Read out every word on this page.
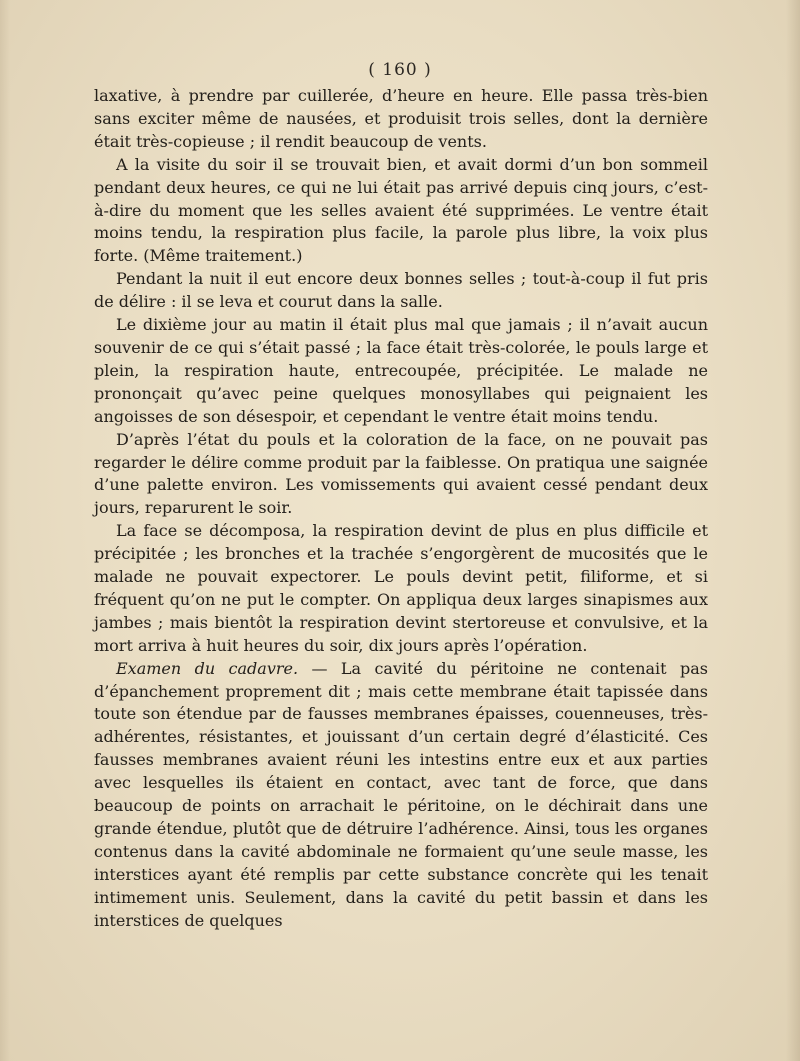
( 160 )

laxative, à prendre par cuillerée, d’heure en heure. Elle passa très-bien sans exciter même de nausées, et produisit trois selles, dont la dernière était très-copieuse ; il rendit beaucoup de vents.

A la visite du soir il se trouvait bien, et avait dormi d’un bon sommeil pendant deux heures, ce qui ne lui était pas arrivé depuis cinq jours, c’est-à-dire du moment que les selles avaient été supprimées. Le ventre était moins tendu, la respiration plus facile, la parole plus libre, la voix plus forte. (Même traitement.)

Pendant la nuit il eut encore deux bonnes selles ; tout-à-coup il fut pris de délire : il se leva et courut dans la salle.

Le dixième jour au matin il était plus mal que jamais ; il n’avait aucun souvenir de ce qui s’était passé ; la face était très-colorée, le pouls large et plein, la respiration haute, entrecoupée, précipitée. Le malade ne prononçait qu’avec peine quelques monosyllabes qui peignaient les angoisses de son désespoir, et cependant le ventre était moins tendu.

D’après l’état du pouls et la coloration de la face, on ne pouvait pas regarder le délire comme produit par la faiblesse. On pratiqua une saignée d’une palette environ. Les vomissements qui avaient cessé pendant deux jours, reparurent le soir.

La face se décomposa, la respiration devint de plus en plus difficile et précipitée ; les bronches et la trachée s’engorgèrent de mucosités que le malade ne pouvait expectorer. Le pouls devint petit, filiforme, et si fréquent qu’on ne put le compter. On appliqua deux larges sinapismes aux jambes ; mais bientôt la respiration devint stertoreuse et convulsive, et la mort arriva à huit heures du soir, dix jours après l’opération.

Examen du cadavre. — La cavité du péritoine ne contenait pas d’épanchement proprement dit ; mais cette membrane était tapissée dans toute son étendue par de fausses membranes épaisses, couenneuses, très-adhérentes, résistantes, et jouissant d’un certain degré d’élasticité. Ces fausses membranes avaient réuni les intestins entre eux et aux parties avec lesquelles ils étaient en contact, avec tant de force, que dans beaucoup de points on arrachait le péritoine, on le déchirait dans une grande étendue, plutôt que de détruire l’adhérence. Ainsi, tous les organes contenus dans la cavité abdominale ne formaient qu’une seule masse, les interstices ayant été remplis par cette substance concrète qui les tenait intimement unis. Seulement, dans la cavité du petit bassin et dans les interstices de quelques
